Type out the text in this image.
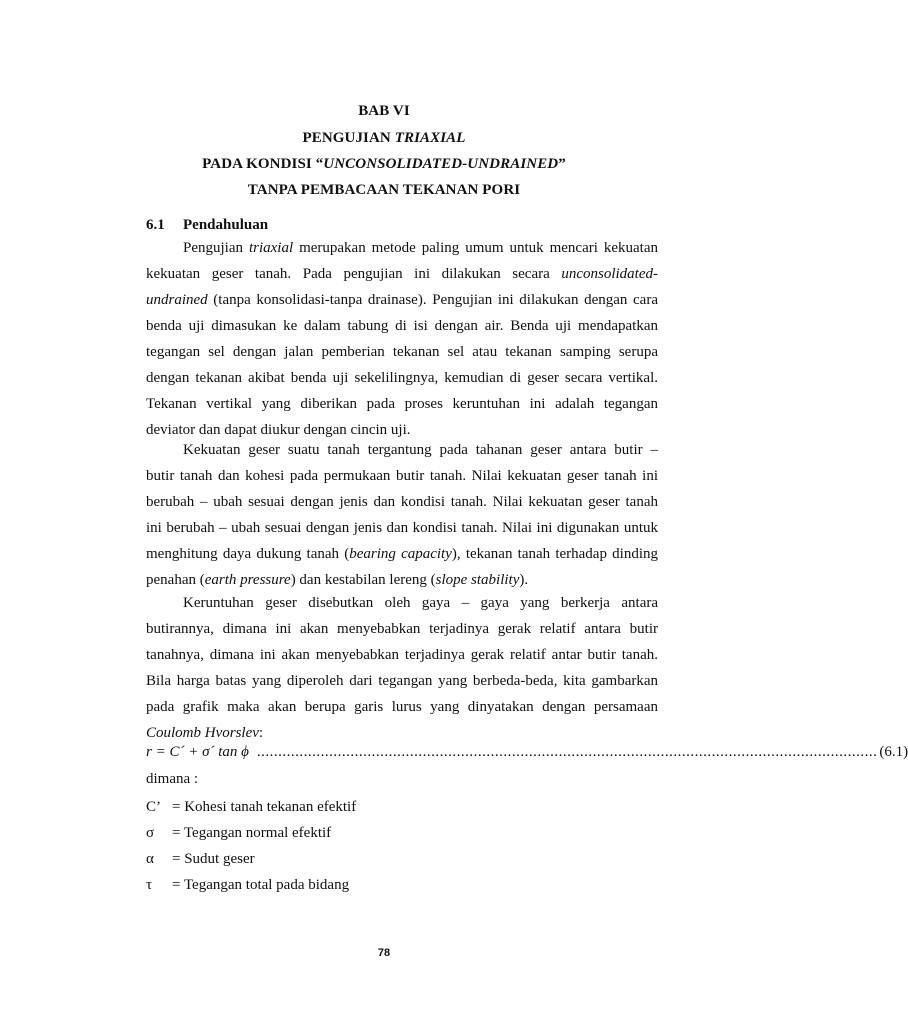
BAB VI
PENGUJIAN TRIAXIAL
PADA KONDISI “UNCONSOLIDATED-UNDRAINED”
TANPA PEMBACAAN TEKANAN PORI
6.1 Pendahuluan

Pengujian triaxial merupakan metode paling umum untuk mencari kekuatan
kekuatan geser tanah. Pada pengujian ini dilakukan secara unconsolidated-
undrained (tanpa konsolidasi-tanpa drainase). Pengujian ini dilakukan dengan cara
benda uji dimasukan ke dalam tabung di isi dengan air. Benda uji mendapatkan
tegangan sel dengan jalan pemberian tekanan sel atau tekanan samping serupa
dengan tekanan akibat benda uji sekelilingnya, kemudian di geser secara vertikal.
Tekanan vertikal yang diberikan pada proses keruntuhan ini adalah tegangan
deviator dan dapat diukur dengan cincin uji.

Kekuatan geser suatu tanah tergantung pada tahanan geser antara butir –
butir tanah dan kohesi pada permukaan butir tanah. Nilai kekuatan geser tanah ini
berubah – ubah sesuai dengan jenis dan kondisi tanah. Nilai kekuatan geser tanah
ini berubah – ubah sesuai dengan jenis dan kondisi tanah. Nilai ini digunakan untuk
menghitung daya dukung tanah (bearing capacity), tekanan tanah terhadap dinding
penahan (earth pressure) dan kestabilan lereng (slope stability).

Keruntuhan geser disebutkan oleh gaya – gaya yang berkerja antara
butirannya, dimana ini akan menyebabkan terjadinya gerak relatif antara butir
tanahnya, dimana ini akan menyebabkan terjadinya gerak relatif antar butir tanah.
Bila harga batas yang diperoleh dari tegangan yang berbeda-beda, kita gambarkan
pada grafik maka akan berupa garis lurus yang dinyatakan dengan persamaan
Coulomb Hvorslev:

r = C´ + σ´ tan ϕ .................................................................................................................................................. (6.1)
dimana :
C’ = Kohesi tanah tekanan efektif
σ	= Tegangan normal efektif
α	= Sudut geser
τ	= Tegangan total pada bidang
78
